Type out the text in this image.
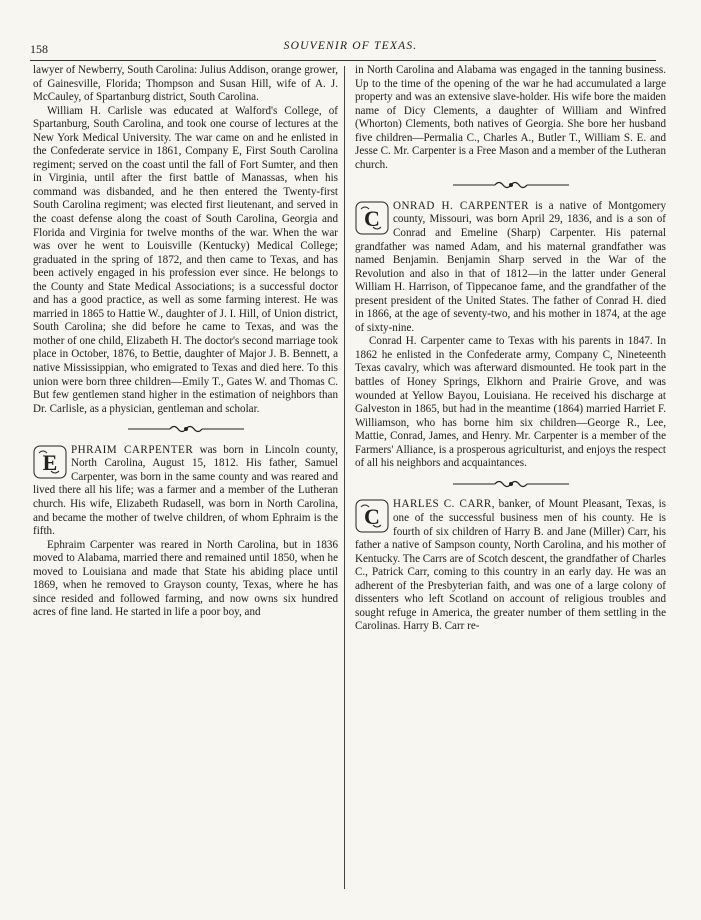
158	SOUVENIR OF TEXAS.

lawyer of Newberry, South Carolina: Julius Addison, orange grower, of Gainesville, Florida; Thompson and Susan Hill, wife of A. J. McCauley, of Spartanburg district, South Carolina.

William H. Carlisle was educated at Walford's College, of Spartanburg, South Carolina, and took one course of lectures at the New York Medical University. The war came on and he enlisted in the Confederate service in 1861, Company E, First South Carolina regiment; served on the coast until the fall of Fort Sumter, and then in Virginia, until after the first battle of Manassas, when his command was disbanded, and he then entered the Twenty-first South Carolina regiment; was elected first lieutenant, and served in the coast defense along the coast of South Carolina, Georgia and Florida and Virginia for twelve months of the war. When the war was over he went to Louisville (Kentucky) Medical College; graduated in the spring of 1872, and then came to Texas, and has been actively engaged in his profession ever since. He belongs to the County and State Medical Associations; is a successful doctor and has a good practice, as well as some farming interest. He was married in 1865 to Hattie W., daughter of J. I. Hill, of Union district, South Carolina; she did before he came to Texas, and was the mother of one child, Elizabeth H. The doctor's second marriage took place in October, 1876, to Bettie, daughter of Major J. B. Bennett, a native Mississippian, who emigrated to Texas and died here. To this union were born three children—Emily T., Gates W. and Thomas C. But few gentlemen stand higher in the estimation of neighbors than Dr. Carlisle, as a physician, gentleman and scholar.

E	PHRAIM CARPENTER was born in Lincoln county, North Carolina, August 15, 1812. His father, Samuel Carpenter, was born in the same county and was reared and lived there all his life; was a farmer and a member of the Lutheran church. His wife, Elizabeth Rudasell, was born in North Carolina, and became the mother of twelve children, of whom Ephraim is the fifth.

Ephraim Carpenter was reared in North Carolina, but in 1836 moved to Alabama, married there and remained until 1850, when he moved to Louisiana and made that State his abiding place until 1869, when he removed to Grayson county, Texas, where he has since resided and followed farming, and now owns six hundred acres of fine land. He started in life a poor boy, and

in North Carolina and Alabama was engaged in the tanning business. Up to the time of the opening of the war he had accumulated a large property and was an extensive slave-holder. His wife bore the maiden name of Dicy Clements, a daughter of William and Winfred (Whorton) Clements, both natives of Georgia. She bore her husband five children—Permalia C., Charles A., Butler T., William S. E. and Jesse C. Mr. Carpenter is a Free Mason and a member of the Lutheran church.

C	ONRAD H. CARPENTER is a native of Montgomery county, Missouri, was born April 29, 1836, and is a son of Conrad and Emeline (Sharp) Carpenter. His paternal grandfather was named Adam, and his maternal grandfather was named Benjamin. Benjamin Sharp served in the War of the Revolution and also in that of 1812—in the latter under General William H. Harrison, of Tippecanoe fame, and the grandfather of the present president of the United States. The father of Conrad H. died in 1866, at the age of seventy-two, and his mother in 1874, at the age of sixty-nine.

Conrad H. Carpenter came to Texas with his parents in 1847. In 1862 he enlisted in the Confederate army, Company C, Nineteenth Texas cavalry, which was afterward dismounted. He took part in the battles of Honey Springs, Elkhorn and Prairie Grove, and was wounded at Yellow Bayou, Louisiana. He received his discharge at Galveston in 1865, but had in the meantime (1864) married Harriet F. Williamson, who has borne him six children—George R., Lee, Mattie, Conrad, James, and Henry. Mr. Carpenter is a member of the Farmers' Alliance, is a prosperous agriculturist, and enjoys the respect of all his neighbors and acquaintances.

C	HARLES C. CARR, banker, of Mount Pleasant, Texas, is one of the successful business men of his county. He is fourth of six children of Harry B. and Jane (Miller) Carr, his father a native of Sampson county, North Carolina, and his mother of Kentucky. The Carrs are of Scotch descent, the grandfather of Charles C., Patrick Carr, coming to this country in an early day. He was an adherent of the Presbyterian faith, and was one of a large colony of dissenters who left Scotland on account of religious troubles and sought refuge in America, the greater number of them settling in the Carolinas. Harry B. Carr re-
